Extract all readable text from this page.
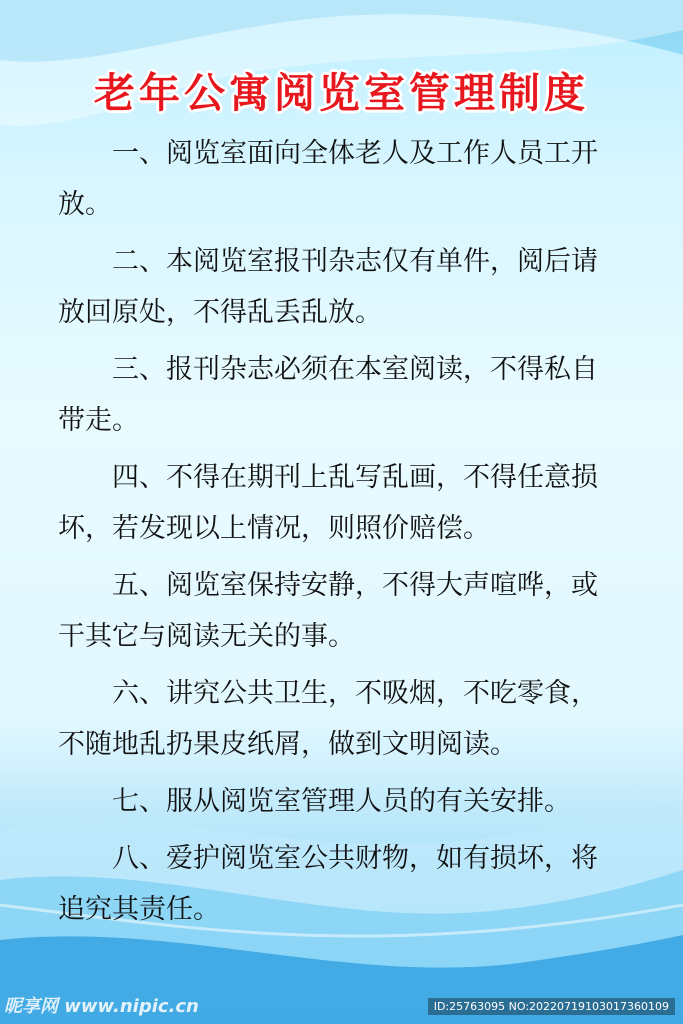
老年公寓阅览室管理制度

一、阅览室面向全体老人及工作人员工开放。

二、本阅览室报刊杂志仅有单件，阅后请放回原处，不得乱丢乱放。

三、报刊杂志必须在本室阅读，不得私自带走。

四、不得在期刊上乱写乱画，不得任意损坏，若发现以上情况，则照价赔偿。

五、阅览室保持安静，不得大声喧哗，或干其它与阅读无关的事。

六、讲究公共卫生，不吸烟，不吃零食，不随地乱扔果皮纸屑，做到文明阅读。

七、服从阅览室管理人员的有关安排。

八、爱护阅览室公共财物，如有损坏，将追究其责任。

昵享网 www.nipic.cn	ID:25763095 NO:20220719103017360109
